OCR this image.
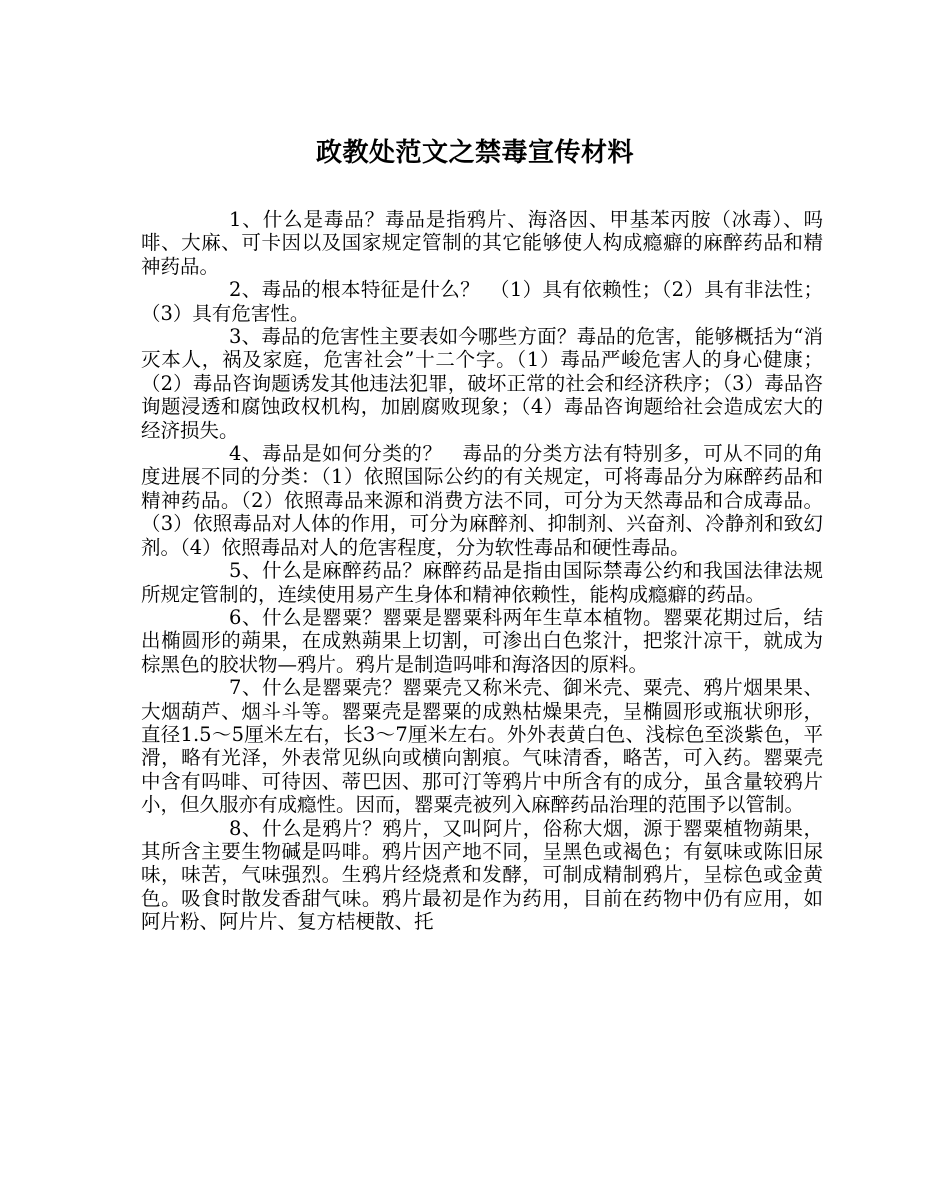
政教处范文之禁毒宣传材料

1、什么是毒品？毒品是指鸦片、海洛因、甲基苯丙胺（冰毒）、吗啡、大麻、可卡因以及国家规定管制的其它能够使人构成瘾癖的麻醉药品和精神药品。

2、毒品的根本特征是什么？　（1）具有依赖性；（2）具有非法性；（3）具有危害性。

3、毒品的危害性主要表如今哪些方面？毒品的危害，能够概括为“消灭本人，祸及家庭，危害社会”十二个字。（1）毒品严峻危害人的身心健康；（2）毒品咨询题诱发其他违法犯罪，破坏正常的社会和经济秩序；（3）毒品咨询题浸透和腐蚀政权机构，加剧腐败现象；（4）毒品咨询题给社会造成宏大的经济损失。

4、毒品是如何分类的？　毒品的分类方法有特别多，可从不同的角度进展不同的分类：（1）依照国际公约的有关规定，可将毒品分为麻醉药品和精神药品。（2）依照毒品来源和消费方法不同，可分为天然毒品和合成毒品。（3）依照毒品对人体的作用，可分为麻醉剂、抑制剂、兴奋剂、冷静剂和致幻剂。（4）依照毒品对人的危害程度，分为软性毒品和硬性毒品。

5、什么是麻醉药品？麻醉药品是指由国际禁毒公约和我国法律法规所规定管制的，连续使用易产生身体和精神依赖性，能构成瘾癖的药品。

6、什么是罂粟？罂粟是罂粟科两年生草本植物。罂粟花期过后，结出椭圆形的蒴果，在成熟蒴果上切割，可渗出白色浆汁，把浆汁凉干，就成为棕黑色的胶状物—鸦片。鸦片是制造吗啡和海洛因的原料。

7、什么是罂粟壳？罂粟壳又称米壳、御米壳、粟壳、鸦片烟果果、大烟葫芦、烟斗斗等。罂粟壳是罂粟的成熟枯燥果壳，呈椭圆形或瓶状卵形，直径1.5～5厘米左右，长3～7厘米左右。外外表黄白色、浅棕色至淡紫色，平滑，略有光泽，外表常见纵向或横向割痕。气味清香，略苦，可入药。罂粟壳中含有吗啡、可待因、蒂巴因、那可汀等鸦片中所含有的成分，虽含量较鸦片小，但久服亦有成瘾性。因而，罂粟壳被列入麻醉药品治理的范围予以管制。

8、什么是鸦片？鸦片，又叫阿片，俗称大烟，源于罂粟植物蒴果，其所含主要生物碱是吗啡。鸦片因产地不同，呈黑色或褐色；有氨味或陈旧尿味，味苦，气味强烈。生鸦片经烧煮和发酵，可制成精制鸦片，呈棕色或金黄色。吸食时散发香甜气味。鸦片最初是作为药用，目前在药物中仍有应用，如阿片粉、阿片片、复方桔梗散、托
